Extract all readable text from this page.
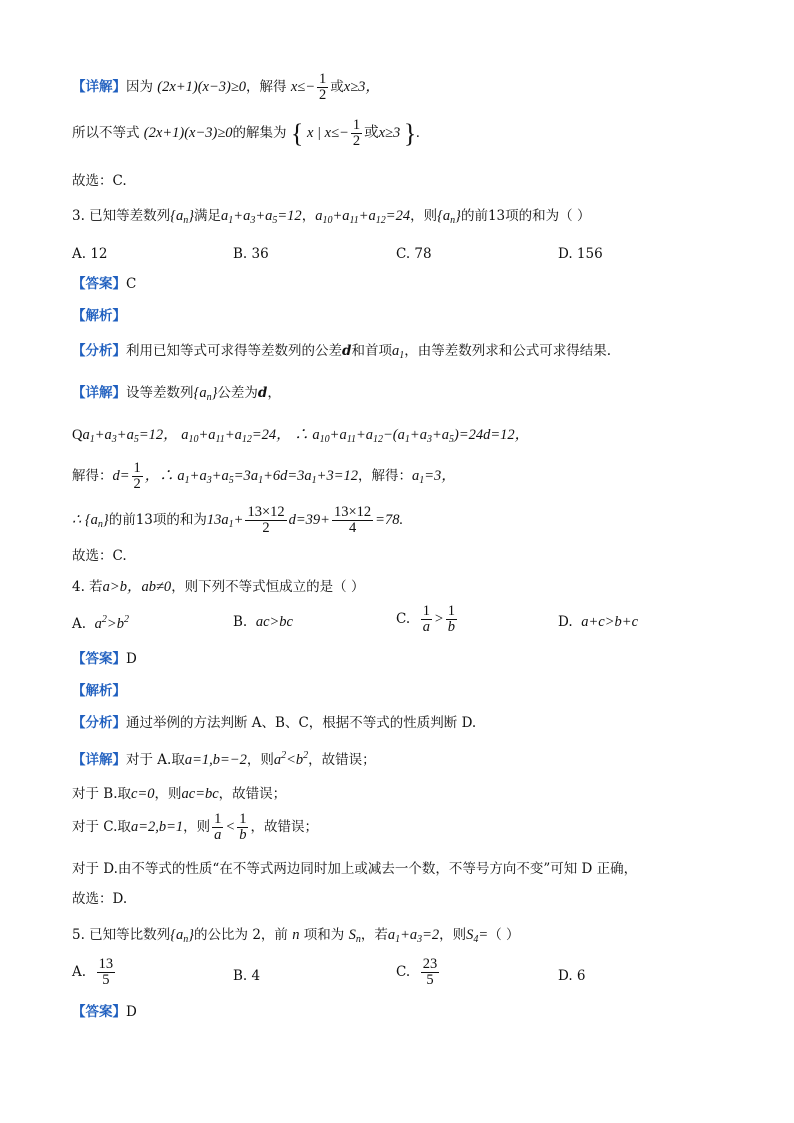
【详解】因为 (2x+1)(x−3)≥0，解得 $x\le- \frac{1}{2}$ 或x≥3，
所以不等式 (2x+1)(x−3)≥0的解集为 { x | $x\le- \frac{1}{2}$ 或x≥3 }.
故选：C.
3. 已知等差数列$\{a_n\}$满足$a_1+a_3+a_5=12$，$a_{10}+a_{11}+a_{12}=24$，则$\{a_n\}$的前13项的和为（ ）
A. 12	B. 36	C. 78	D. 156
【答案】C
【解析】
【分析】利用已知等式可求得等差数列的公差d和首项$a_1$，由等差数列求和公式可求得结果.
【详解】设等差数列$\{a_n\}$公差为d，
$Qa_1+a_3+a_5=12$， $a_{10}+a_{11}+a_{12}=24$， ∴ $a_{10}+a_{11}+a_{12}-(a_1+a_3+a_5)=24d=12$，
解得：$d= \frac{1}{2}$ ，∴ $a_1+a_3+a_5=3a_1+6d=3a_1+3=12$，解得：$a_1=3$，
∴ $\{a_n\}$的前13项的和为$13a_1+ \frac{13\times 12}{2} d=39+ \frac{13\times 12}{4} =78$.
故选：C.
4. 若a>b，ab≠0，则下列不等式恒成立的是（ ）
A. $a^2>b^2$	B. ac>bc	C. $\frac{1}{a} > \frac{1}{b}$	D. a+c>b+c
【答案】D
【解析】
【分析】通过举例的方法判断 A、B、C，根据不等式的性质判断 D.
【详解】对于 A.取a=1,b=−2，则$a^2<b^2$，故错误；
对于 B.取c=0，则ac=bc，故错误；
对于 C.取a=2,b=1，则 $\frac{1}{a} < \frac{1}{b}$ ，故错误；
对于 D.由不等式的性质“在不等式两边同时加上或减去一个数，不等号方向不变”可知 D 正确，
故选：D.
5. 已知等比数列$\{a_n\}$的公比为 2，前 n 项和为 $S_n$，若$a_1+a_3=2$，则$S_4=$（ ）
A. $\frac{13}{5}$	B. 4	C. $\frac{23}{5}$	D. 6
【答案】D
